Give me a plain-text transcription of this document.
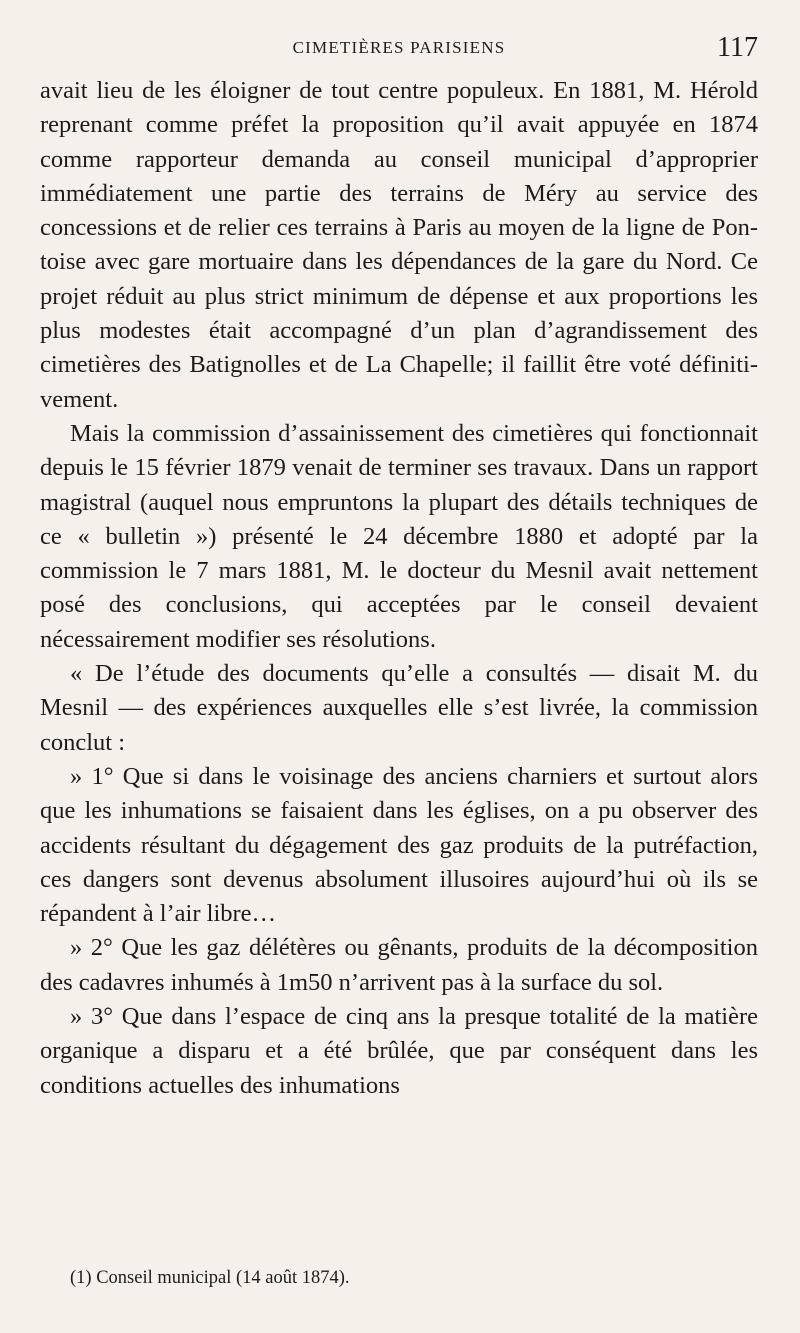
CIMETIÈRES PARISIENS	117

avait lieu de les éloigner de tout centre populeux. En 1881, M. Hérold reprenant comme préfet la proposition qu’il avait appuyée en 1874 comme rapporteur demanda au conseil municipal d’approprier immédiatement une partie des terrains de Méry au service des concessions et de relier ces terrains à Paris au moyen de la ligne de Pontoise avec gare mortuaire dans les dépendances de la gare du Nord. Ce projet réduit au plus strict minimum de dépense et aux proportions les plus modestes était accompagné d’un plan d’agrandissement des cimetières des Batignolles et de La Chapelle; il faillit être voté définitivement.

Mais la commission d’assainissement des cimetières qui fonctionnait depuis le 15 février 1879 venait de terminer ses travaux. Dans un rapport magistral (auquel nous empruntons la plupart des détails techniques de ce « bulletin ») présenté le 24 décembre 1880 et adopté par la commission le 7 mars 1881, M. le docteur du Mesnil avait nettement posé des conclusions, qui acceptées par le conseil devaient nécessairement modifier ses résolutions.

« De l’étude des documents qu’elle a consultés — disait M. du Mesnil — des expériences auxquelles elle s’est livrée, la commission conclut :

» 1° Que si dans le voisinage des anciens charniers et surtout alors que les inhumations se faisaient dans les églises, on a pu observer des accidents résultant du dégagement des gaz produits de la putréfaction, ces dangers sont devenus absolument illusoires aujourd’hui où ils se répandent à l’air libre…

» 2° Que les gaz délétères ou gênants, produits de la décomposition des cadavres inhumés à 1m50 n’arrivent pas à la surface du sol.

» 3° Que dans l’espace de cinq ans la presque totalité de la matière organique a disparu et a été brûlée, que par conséquent dans les conditions actuelles des inhumations

(1) Conseil municipal (14 août 1874).
